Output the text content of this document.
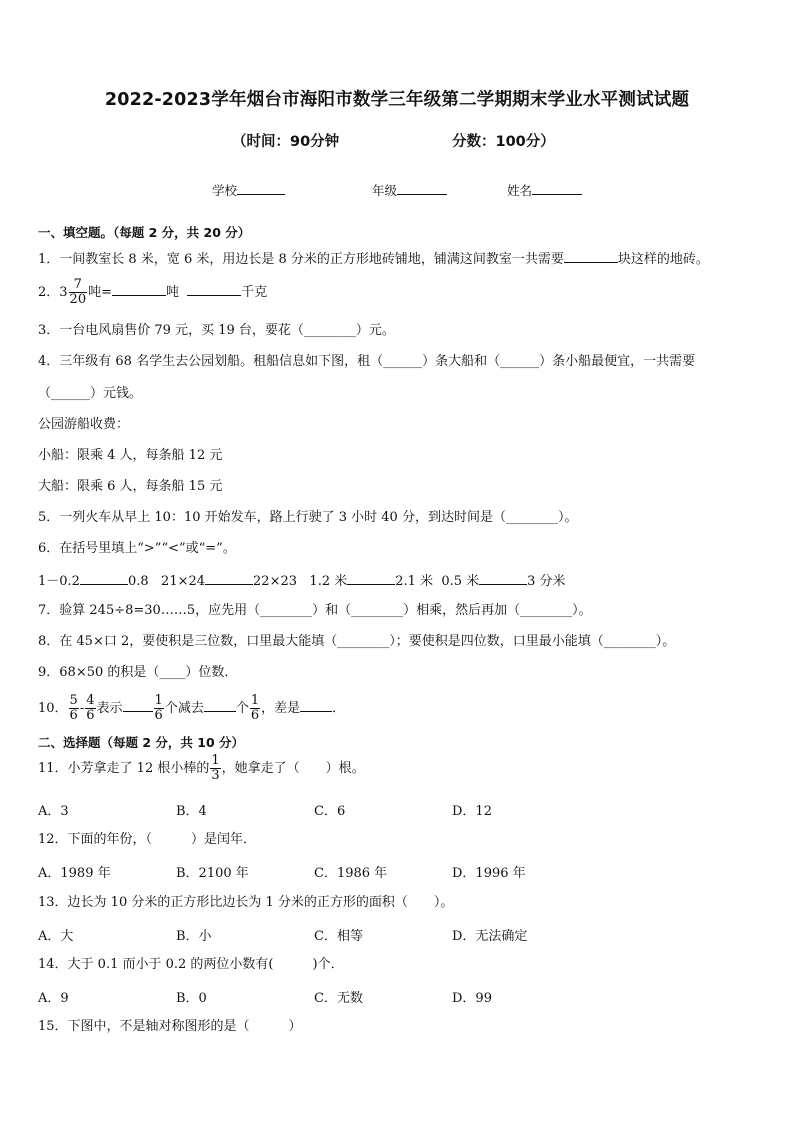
2022-2023学年烟台市海阳市数学三年级第二学期期末学业水平测试试题
（时间：90分钟	分数：100分）
学校	年级	姓名
一、填空题。（每题 2 分，共 20 分）
1．一间教室长 8 米，宽 6 米，用边长是 8 分米的正方形地砖铺地，铺满这间教室一共需要	块这样的地砖。
2．$3 \frac{7}{20}$ 吨=	吨	千克
3．一台电风扇售价 79 元，买 19 台，要花（________）元。
4．三年级有 68 名学生去公园划船。租船信息如下图，租（______）条大船和（______）条小船最便宜，一共需要
（______）元钱。
公园游船收费：
小船：限乘 4 人，每条船 12 元
大船：限乘 6 人，每条船 15 元
5．一列火车从早上 10：10 开始发车，路上行驶了 3 小时 40 分，到达时间是（________）。
6．在括号里填上“>”“<”或“=”。
1－0.2	0.8 21×24	22×23 1.2 米	2.1 米 0.5 米	3 分米
7．验算 245÷8=30……5，应先用（________）和（________）相乘，然后再加（________）。
8．在 45×口 2，要使积是三位数，口里最大能填（________）；要使积是四位数，口里最小能填（________）。
9．68×50 的积是（____）位数．
10． $\frac{5}{6} - \frac{4}{6}$ 表示 $\frac{1}{6}$ 个减去 个 $\frac{1}{6}$ ，差是 ．
二、选择题（每题 2 分，共 10 分）
11．小芳拿走了 12 根小棒的 $\frac{1}{3}$ ，她拿走了（　　）根。
A．3	B．4	C．6	D．12
12．下面的年份，（　　　）是闰年．
A．1989 年	B．2100 年	C．1986 年	D．1996 年
13．边长为 10 分米的正方形比边长为 1 分米的正方形的面积（　　）。
A．大	B．小	C．相等	D．无法确定
14．大于 0.1 而小于 0.2 的两位小数有(　　　)个．
A．9	B．0	C．无数	D．99
15．下图中，不是轴对称图形的是（　　　）
